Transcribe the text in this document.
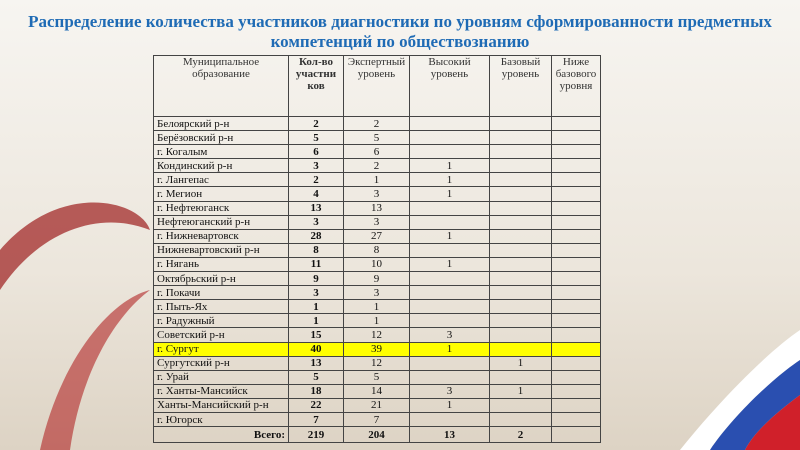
Распределение количества участников диагностики по уровням сформированности предметных компетенций по обществознанию
Муниципальное образование	Кол-во участни ков	Экспертный уровень	Высокий уровень	Базовый уровень	Ниже базового уровня
Белоярский р-н	2	2			
Берёзовский р-н	5	5			
г. Когалым	6	6			
Кондинский р-н	3	2	1		
г. Лангепас	2	1	1		
г. Мегион	4	3	1		
г. Нефтеюганск	13	13			
Нефтеюганский р-н	3	3			
г. Нижневартовск	28	27	1		
Нижневартовский р-н	8	8			
г. Нягань	11	10	1		
Октябрьский р-н	9	9			
г. Покачи	3	3			
г. Пыть-Ях	1	1			
г. Радужный	1	1			
Советский р-н	15	12	3		
г. Сургут	40	39	1		
Сургутский р-н	13	12		1	
г. Урай	5	5			
г. Ханты-Мансийск	18	14	3	1	
Ханты-Мансийский р-н	22	21	1		
г. Югорск	7	7			
Всего:	219	204	13	2	
